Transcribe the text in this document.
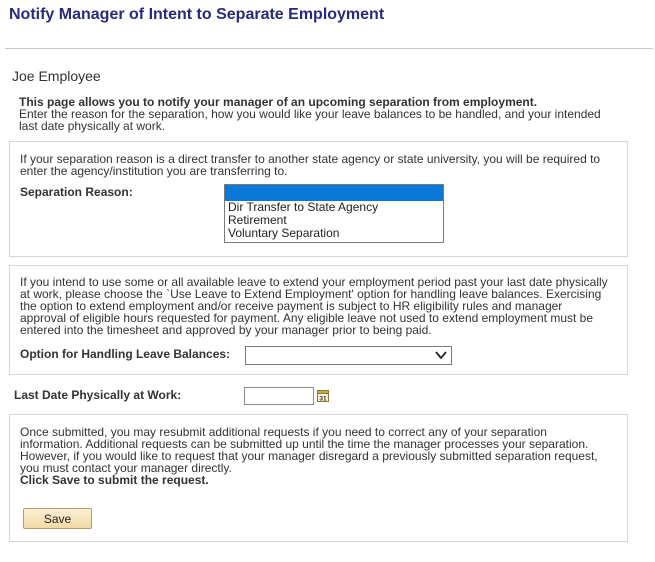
Notify Manager of Intent to Separate Employment
Joe Employee
This page allows you to notify your manager of an upcoming separation from employment.
Enter the reason for the separation, how you would like your leave balances to be handled, and your intended
last date physically at work.
If your separation reason is a direct transfer to another state agency or state university, you will be required to
enter the agency/institution you are transferring to.
Separation Reason:
Dir Transfer to State Agency
Retirement
Voluntary Separation
If you intend to use some or all available leave to extend your employment period past your last date physically
at work, please choose the `Use Leave to Extend Employment' option for handling leave balances. Exercising
the option to extend employment and/or receive payment is subject to HR eligibility rules and manager
approval of eligible hours requested for payment. Any eligible leave not used to extend employment must be
entered into the timesheet and approved by your manager prior to being paid.
Option for Handling Leave Balances:
Last Date Physically at Work:	31
Once submitted, you may resubmit additional requests if you need to correct any of your separation
information. Additional requests can be submitted up until the time the manager processes your separation.
However, if you would like to request that your manager disregard a previously submitted separation request,
you must contact your manager directly.
Click Save to submit the request.
Save
